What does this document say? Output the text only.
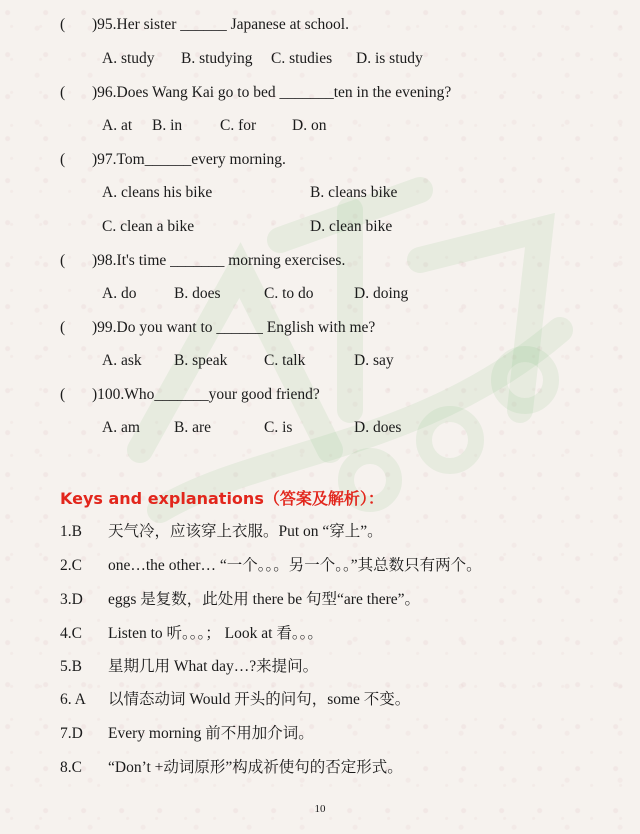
( )95.Her sister ______ Japanese at school.
A. study B. studying C. studies D. is study
( )96.Does Wang Kai go to bed _______ten in the evening?
A. at B. in C. for D. on
( )97.Tom______every morning.
A. cleans his bike	B. cleans bike
C. clean a bike	D. clean bike
( )98.It's time _______ morning exercises.
A. do B. does	C. to do	D. doing
( )99.Do you want to ______ English with me?
A. ask B. speak C. talk	D. say
( )100.Who_______your good friend?
A. am B. are	C. is	D. does
Keys and explanations（答案及解析）：
1.B 天气冷，应该穿上衣服。Put on “穿上”。
2.C one…the other… “一个。。。另一个。。”其总数只有两个。
3.D eggs 是复数，此处用 there be 句型“are there”。
4.C Listen to 听。。。； Look at 看。。。
5.B 星期几用 What day…?来提问。
6. A 以情态动词 Would 开头的问句，some 不变。
7.D Every morning 前不用加介词。
8.C “Don’t +动词原形”构成祈使句的否定形式。
10
